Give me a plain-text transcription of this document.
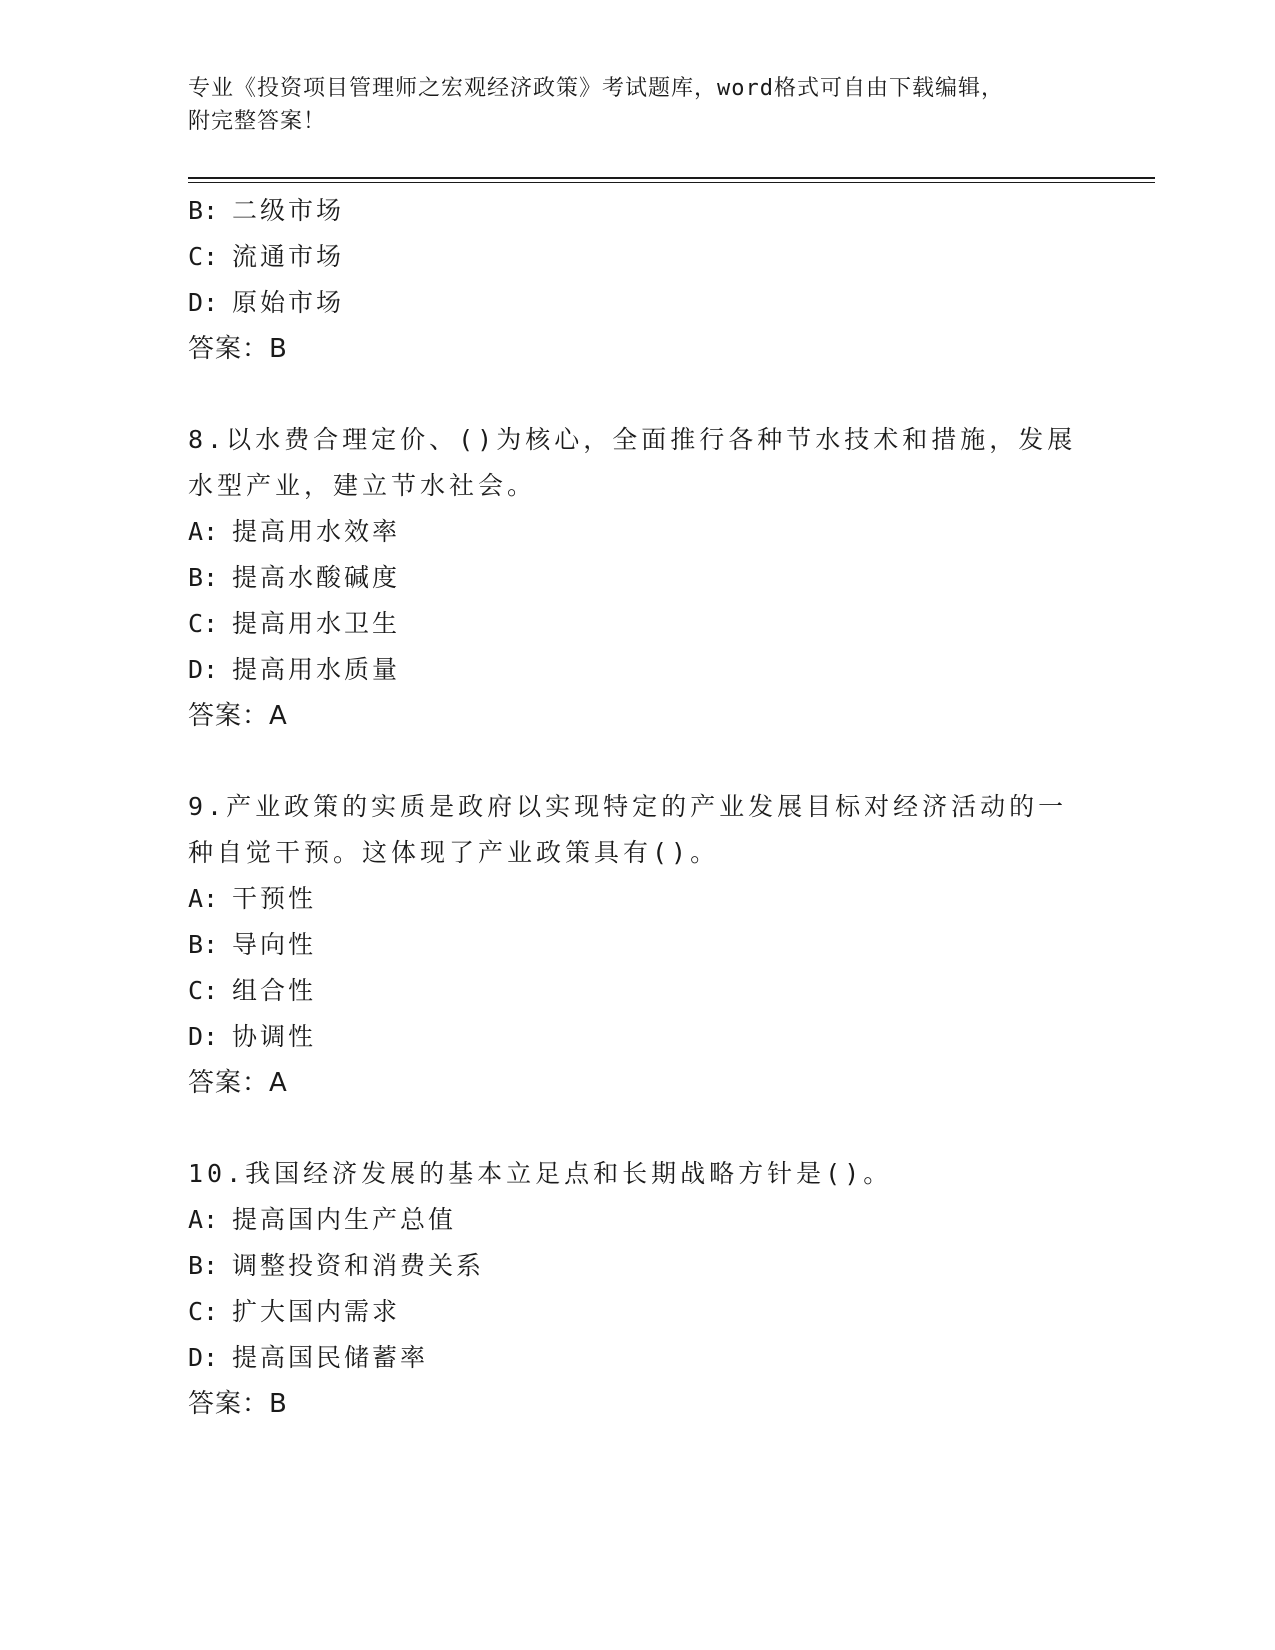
专业《投资项目管理师之宏观经济政策》考试题库，word格式可自由下载编辑，
附完整答案！
B: 二级市场
C: 流通市场
D: 原始市场
答案：B
8.以水费合理定价、()为核心，全面推行各种节水技术和措施，发展
水型产业，建立节水社会。
A: 提高用水效率
B: 提高水酸碱度
C: 提高用水卫生
D: 提高用水质量
答案：A
9.产业政策的实质是政府以实现特定的产业发展目标对经济活动的一
种自觉干预。这体现了产业政策具有()。
A: 干预性
B: 导向性
C: 组合性
D: 协调性
答案：A
10.我国经济发展的基本立足点和长期战略方针是()。
A: 提高国内生产总值
B: 调整投资和消费关系
C: 扩大国内需求
D: 提高国民储蓄率
答案：B
